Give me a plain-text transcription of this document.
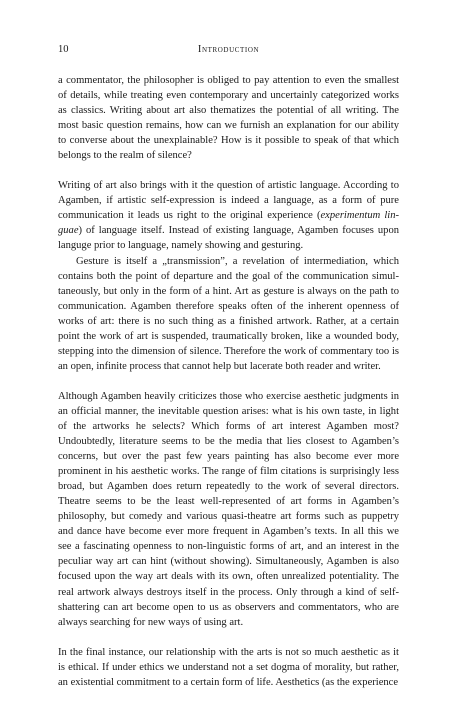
10	Introduction

a commentator, the philosopher is obliged to pay attention to even the smallest of details, while treating even contemporary and uncertainly categorized works as classics. Writing about art also thematizes the potential of all writing. The most basic question remains, how can we furnish an explanation for our ability to converse about the unexplainable? How is it possible to speak of that which belongs to the realm of silence?

Writing of art also brings with it the question of artistic language. According to Agamben, if artistic self-expression is indeed a language, as a form of pure communication it leads us right to the original experience (experimentum linguae) of language itself. Instead of existing language, Agamben focuses upon languge prior to language, namely showing and gesturing.

Gesture is itself a „transmission”, a revelation of intermediation, which contains both the point of departure and the goal of the communication simultaneously, but only in the form of a hint. Art as gesture is always on the path to communication. Agamben therefore speaks often of the inherent openness of works of art: there is no such thing as a finished artwork. Rather, at a certain point the work of art is suspended, traumatically broken, like a wounded body, stepping into the dimension of silence. Therefore the work of commentary too is an open, infinite process that cannot help but lacerate both reader and writer.

Although Agamben heavily criticizes those who exercise aesthetic judgments in an official manner, the inevitable question arises: what is his own taste, in light of the artworks he selects? Which forms of art interest Agamben most? Undoubtedly, literature seems to be the media that lies closest to Agamben’s concerns, but over the past few years painting has also become ever more prominent in his aesthetic works. The range of film citations is surprisingly less broad, but Agamben does return repeatedly to the work of several directors. Theatre seems to be the least well-represented of art forms in Agamben’s philosophy, but comedy and various quasi-theatre art forms such as puppetry and dance have become ever more frequent in Agamben’s texts. In all this we see a fascinating openness to non-linguistic forms of art, and an interest in the peculiar way art can hint (without showing). Simultaneously, Agamben is also focused upon the way art deals with its own, often unrealized potentiality. The real artwork always destroys itself in the process. Only through a kind of self-shattering can art become open to us as observers and commentators, who are always searching for new ways of using art.

In the final instance, our relationship with the arts is not so much aesthetic as it is ethical. If under ethics we understand not a set dogma of morality, but rather, an existential commitment to a certain form of life. Aesthetics (as the experience
